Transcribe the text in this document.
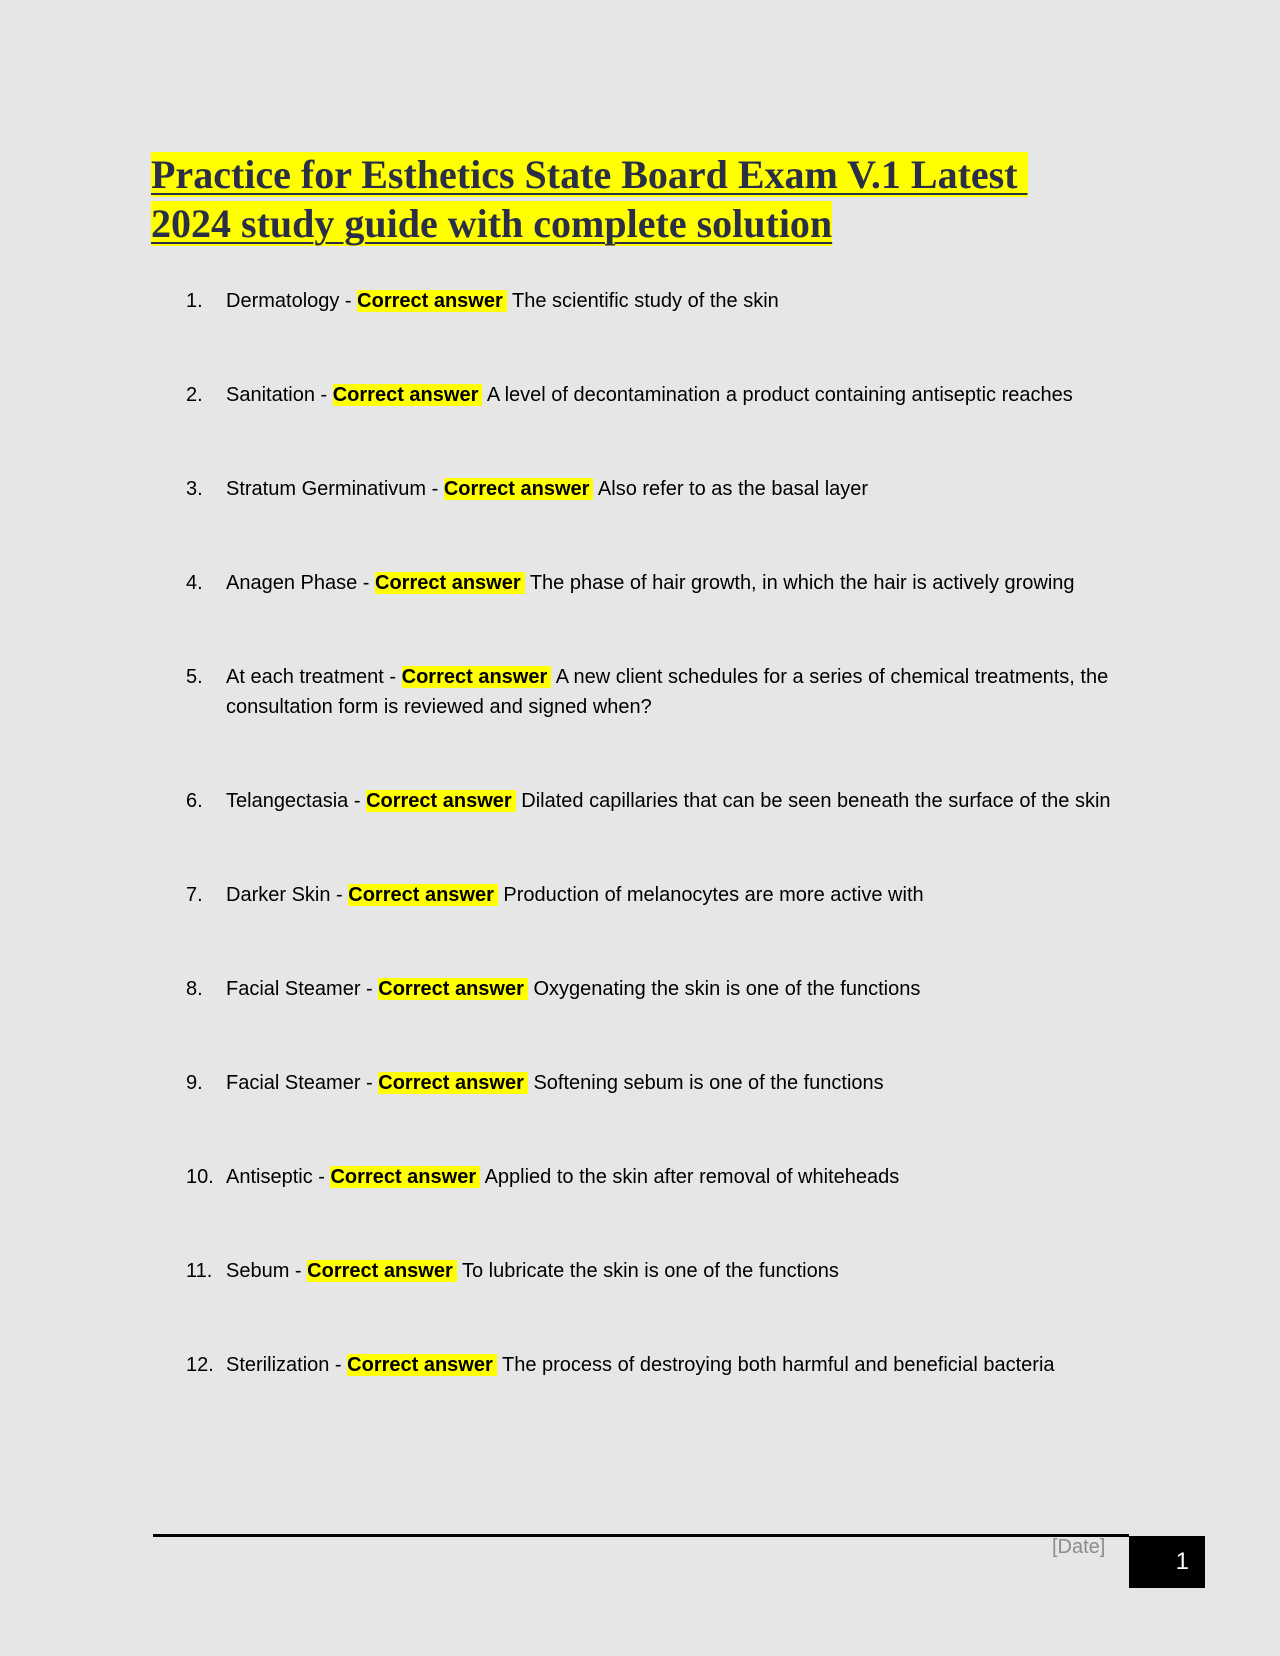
Practice for Esthetics State Board Exam V.1 Latest 2024 study guide with complete solution
1. Dermatology - Correct answer The scientific study of the skin
2. Sanitation - Correct answer A level of decontamination a product containing antiseptic reaches
3. Stratum Germinativum - Correct answer Also refer to as the basal layer
4. Anagen Phase - Correct answer The phase of hair growth, in which the hair is actively growing
5. At each treatment - Correct answer A new client schedules for a series of chemical treatments, the consultation form is reviewed and signed when?
6. Telangectasia - Correct answer Dilated capillaries that can be seen beneath the surface of the skin
7. Darker Skin - Correct answer Production of melanocytes are more active with
8. Facial Steamer - Correct answer Oxygenating the skin is one of the functions
9. Facial Steamer - Correct answer Softening sebum is one of the functions
10. Antiseptic - Correct answer Applied to the skin after removal of whiteheads
11. Sebum - Correct answer To lubricate the skin is one of the functions
12. Sterilization - Correct answer The process of destroying both harmful and beneficial bacteria
[Date]
1
